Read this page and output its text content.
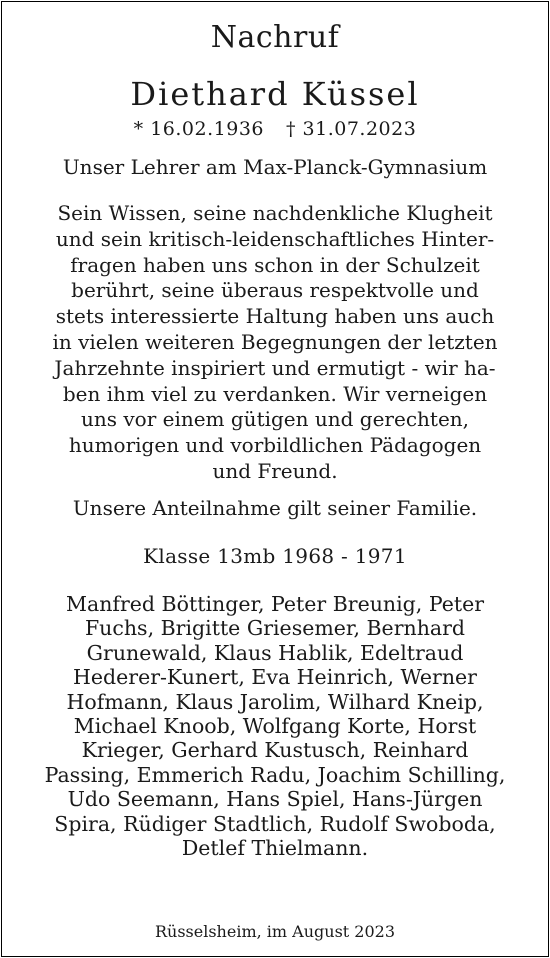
Nachruf
Diethard Küssel
* 16.02.1936 † 31.07.2023

Unser Lehrer am Max-Planck-Gymnasium

Sein Wissen, seine nachdenkliche Klugheit
und sein kritisch-leidenschaftliches Hinter-
fragen haben uns schon in der Schulzeit
berührt, seine überaus respektvolle und
stets interessierte Haltung haben uns auch
in vielen weiteren Begegnungen der letzten
Jahrzehnte inspiriert und ermutigt - wir ha-
ben ihm viel zu verdanken. Wir verneigen
uns vor einem gütigen und gerechten,
humorigen und vorbildlichen Pädagogen
und Freund.

Unsere Anteilnahme gilt seiner Familie.

Klasse 13mb 1968 - 1971

Manfred Böttinger, Peter Breunig, Peter
Fuchs, Brigitte Griesemer, Bernhard
Grunewald, Klaus Hablik, Edeltraud
Hederer-Kunert, Eva Heinrich, Werner
Hofmann, Klaus Jarolim, Wilhard Kneip,
Michael Knoob, Wolfgang Korte, Horst
Krieger, Gerhard Kustusch, Reinhard
Passing, Emmerich Radu, Joachim Schilling,
Udo Seemann, Hans Spiel, Hans-Jürgen
Spira, Rüdiger Stadtlich, Rudolf Swoboda,
Detlef Thielmann.

Rüsselsheim, im August 2023
